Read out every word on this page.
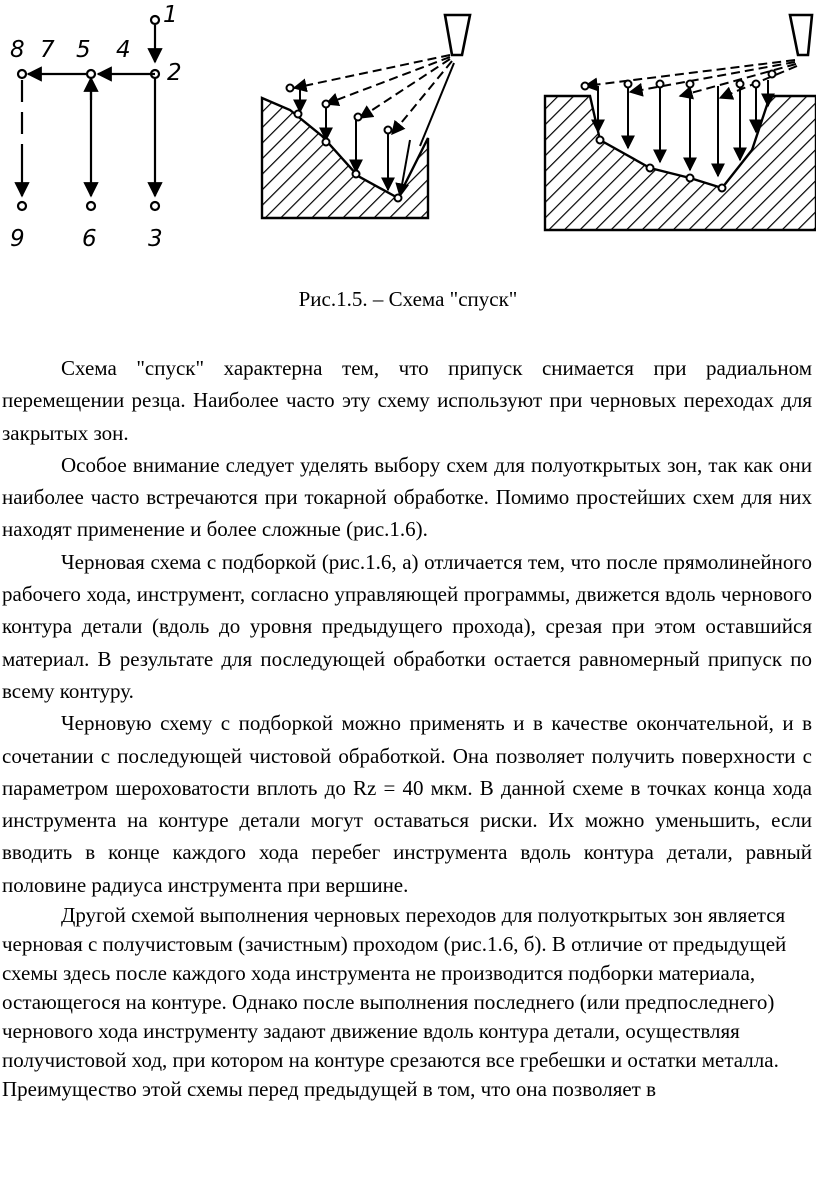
8 7 5 4
1
2
9 6 3
Рис.1.5. – Схема "спуск"

Схема "спуск" характерна тем, что припуск снимается при радиальном перемещении резца. Наиболее часто эту схему используют при черновых переходах для закрытых зон.

Особое внимание следует уделять выбору схем для полуоткрытых зон, так как они наиболее часто встречаются при токарной обработке. Помимо простейших схем для них находят применение и более сложные (рис.1.6).

Черновая схема с подборкой (рис.1.6, а) отличается тем, что после прямолинейного рабочего хода, инструмент, согласно управляющей программы, движется вдоль чернового контура детали (вдоль до уровня предыдущего прохода), срезая при этом оставшийся материал. В результате для последующей обработки остается равномерный припуск по всему контуру.

Черновую схему с подборкой можно применять и в качестве окончательной, и в сочетании с последующей чистовой обработкой. Она позволяет получить поверхности с параметром шероховатости вплоть до Rz = 40 мкм. В данной схеме в точках конца хода инструмента на контуре детали могут оставаться риски. Их можно уменьшить, если вводить в конце каждого хода перебег инструмента вдоль контура детали, равный половине радиуса инструмента при вершине.

Другой схемой выполнения черновых переходов для полуоткрытых зон является черновая с получистовым (зачистным) проходом (рис.1.6, б). В отличие от предыдущей схемы здесь после каждого хода инструмента не производится подборки материала, остающегося на контуре. Однако после выполнения последнего (или предпоследнего) чернового хода инструменту задают движение вдоль контура детали, осуществляя получистовой ход, при котором на контуре срезаются все гребешки и остатки металла.

Преимущество этой схемы перед предыдущей в том, что она позволяет в
